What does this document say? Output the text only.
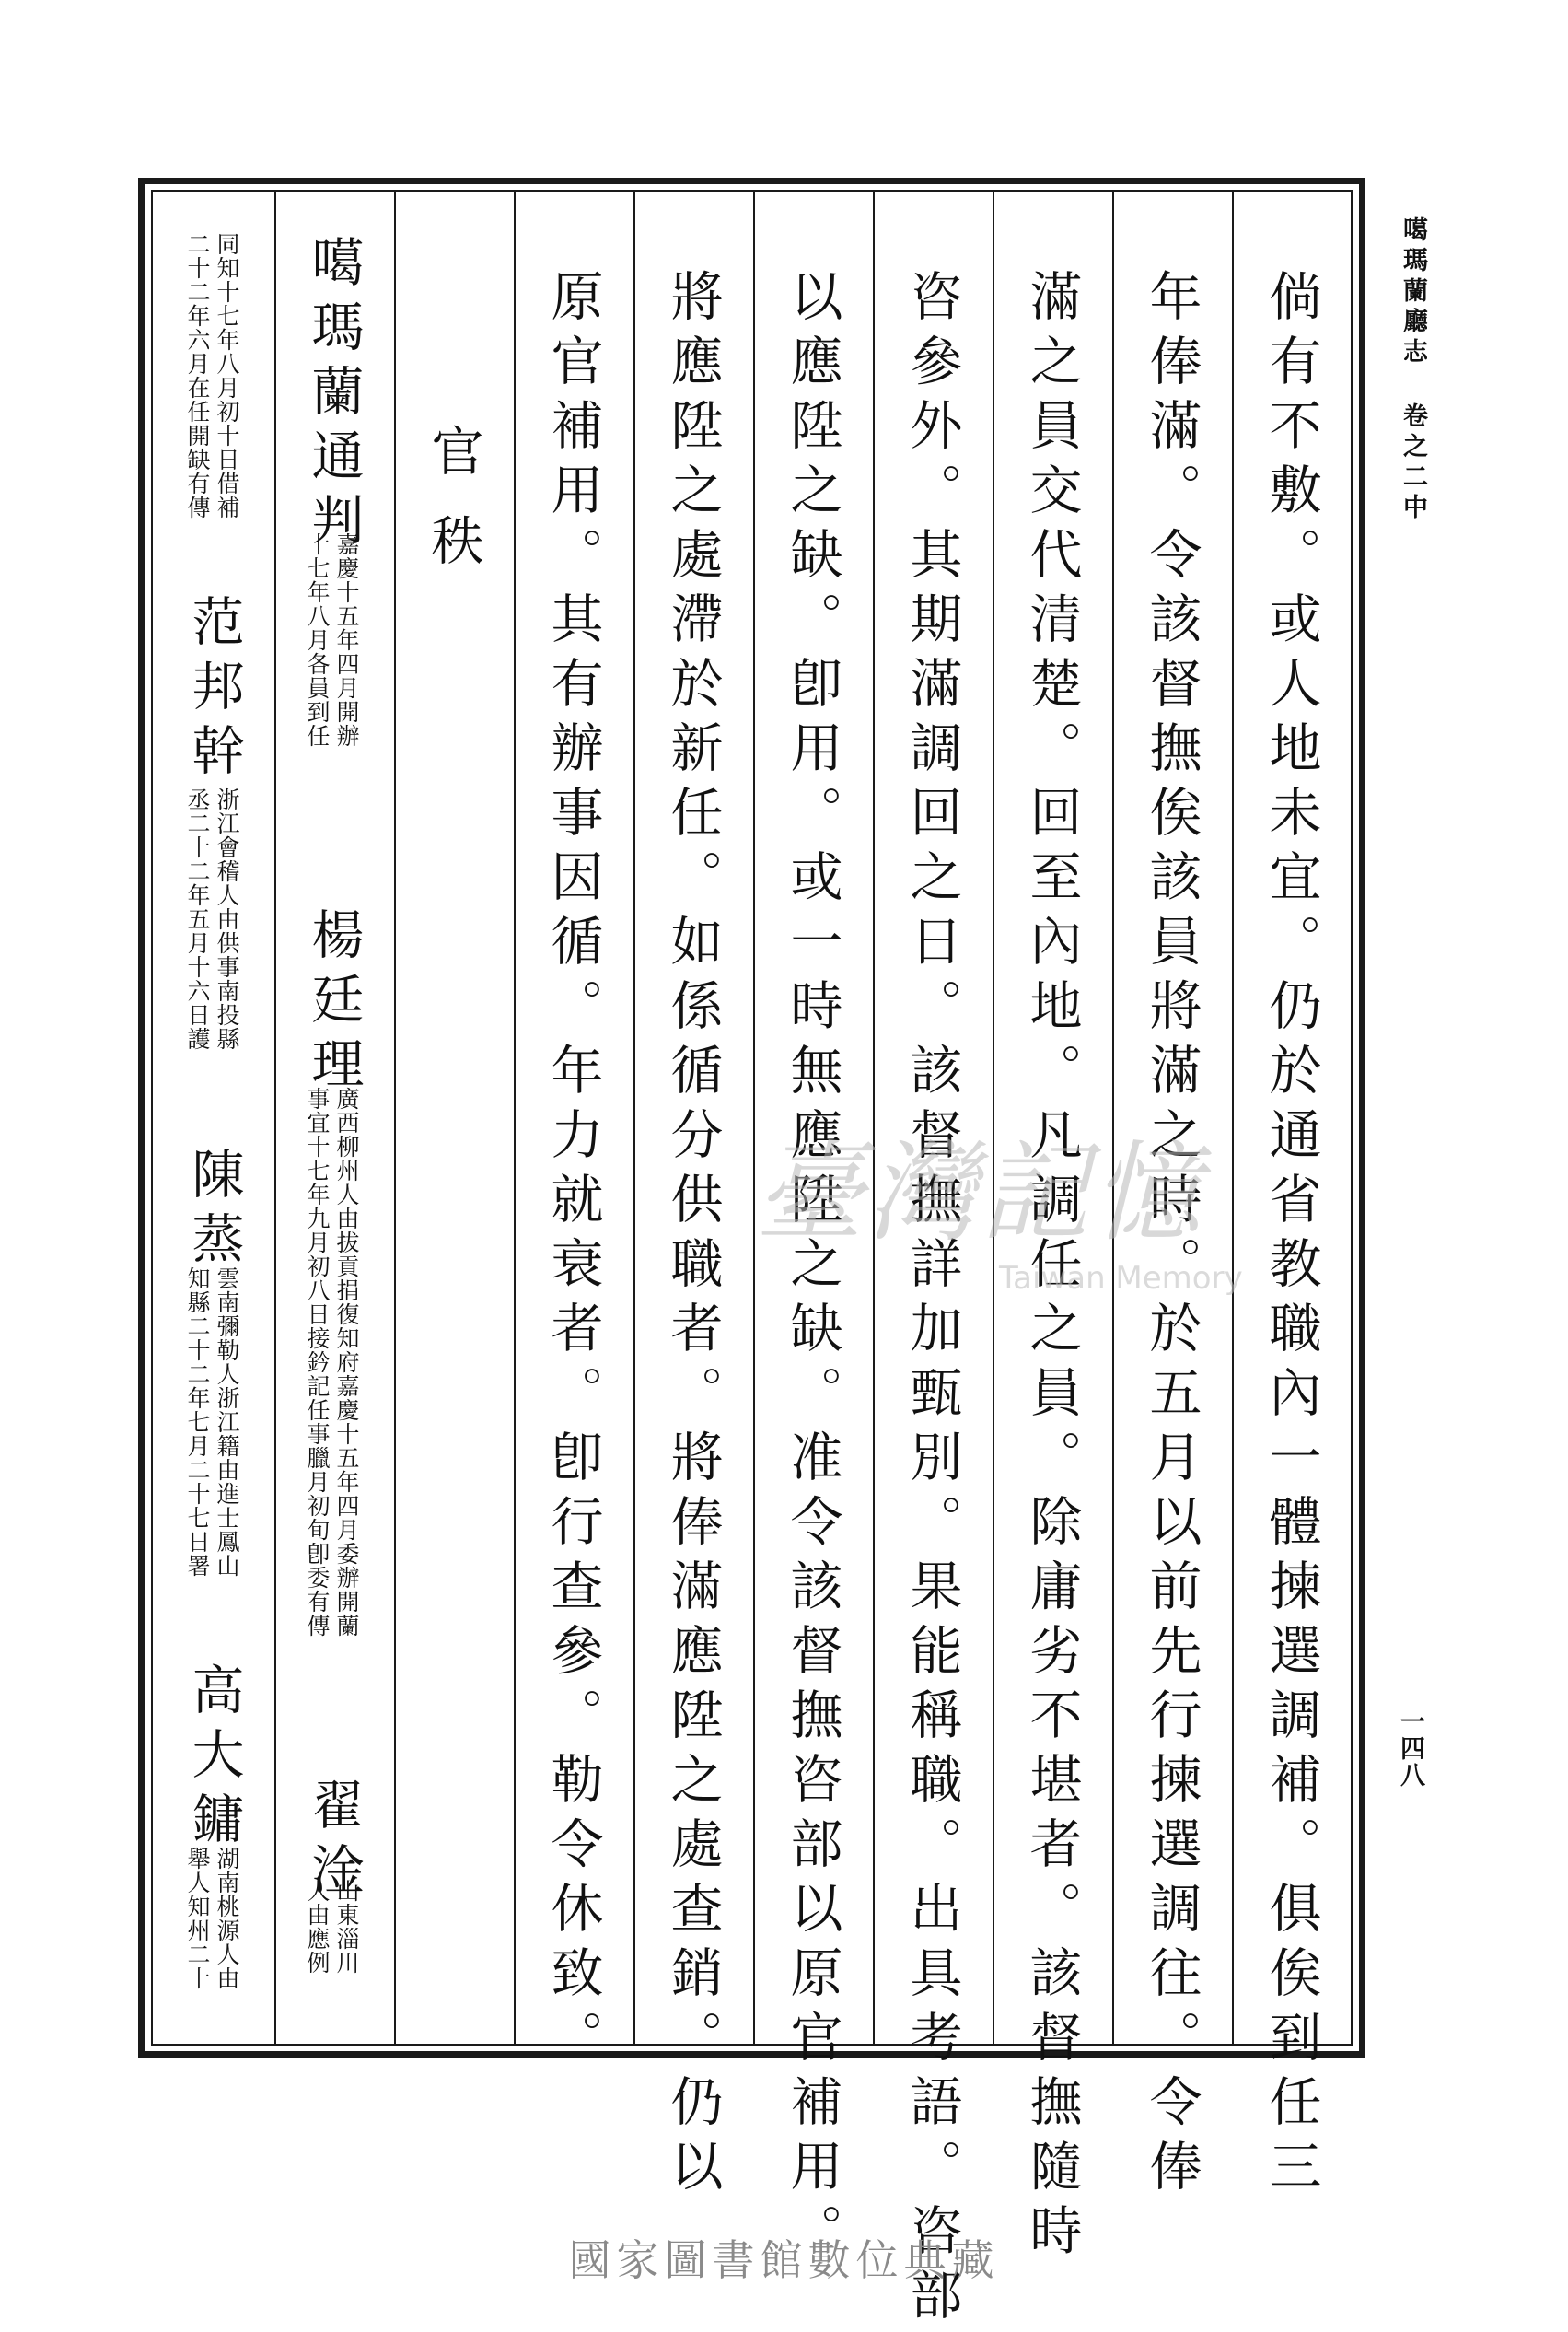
噶瑪蘭廳志 卷之二中
一四八
倘有不敷。或人地未宜。仍於通省教職內一體揀選調補。俱俟到任三
年俸滿。令該督撫俟該員將滿之時。於五月以前先行揀選調往。令俸
滿之員交代清楚。回至內地。凡調任之員。除庸劣不堪者。該督撫隨時
咨參外。其期滿調回之日。該督撫詳加甄別。果能稱職。出具考語。咨部
以應陞之缺。卽用。或一時無應陞之缺。准令該督撫咨部以原官補用。
將應陞之處滯於新任。如係循分供職者。將俸滿應陞之處查銷。仍以
原官補用。其有辦事因循。年力就衰者。卽行查參。勒令休致。
官秩
噶瑪蘭通判
嘉慶十五年四月開辦
十七年八月各員到任
楊廷理
廣西柳州人由拔貢捐復知府嘉慶十五年四月委辦開蘭
事宜十七年九月初八日接鈐記任事臘月初旬卽委有傳
翟淦
山東淄川
人由應例
同知十七年八月初十日借補
二十二年六月在任開缺有傳
范邦幹
浙江會稽人由供事南投縣
丞二十二年五月十六日護
陳蒸
雲南彌勒人浙江籍由進士鳳山
知縣二十二年七月二十七日署
高大鏞
湖南桃源人由
舉人知州二十
臺灣記憶
Taiwan Memory
國家圖書館數位典藏
